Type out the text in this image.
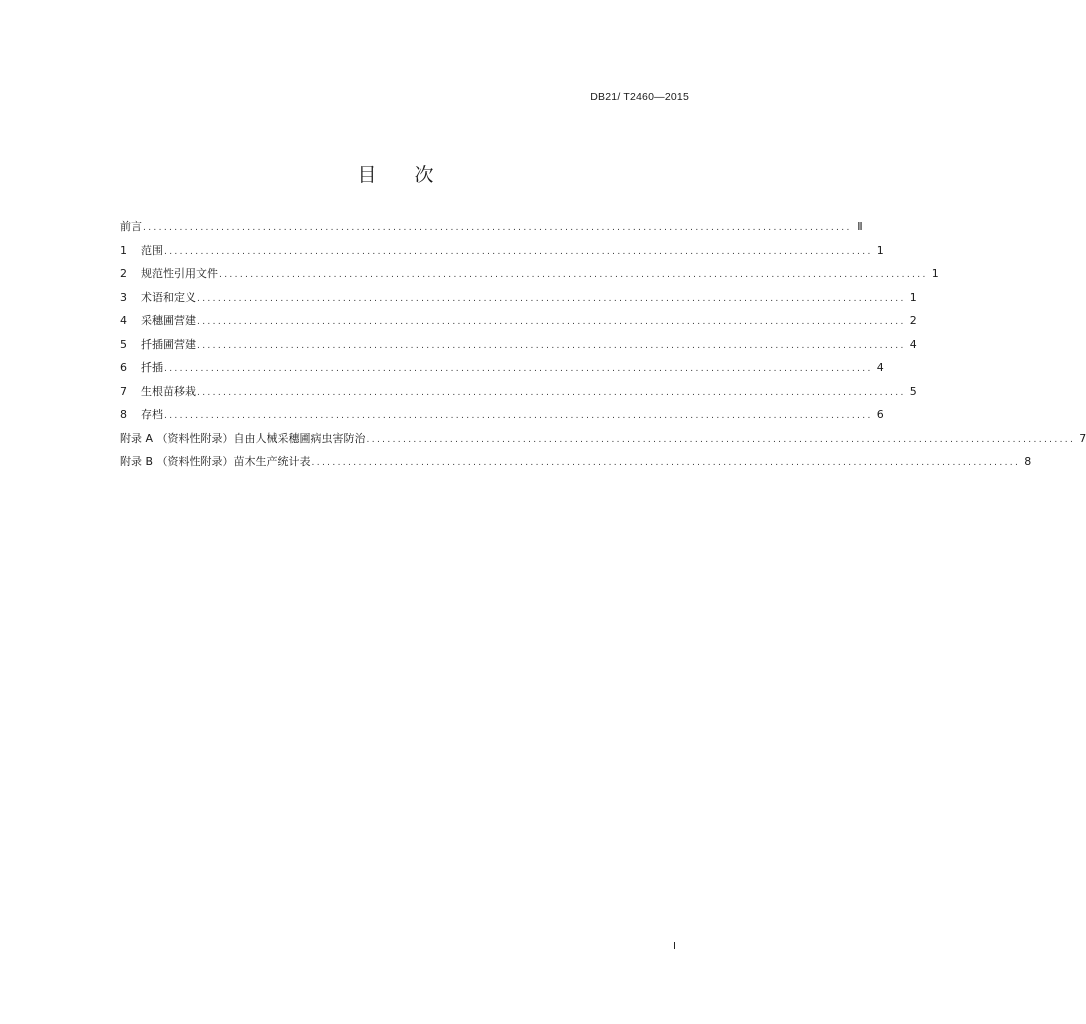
DB21/ T2460—2015
目 次
前言 ........................................................................................................................................ Ⅱ
1	范围 ........................................................................................................................................ 1
2	规范性引用文件 ........................................................................................................................................ 1
3	术语和定义 ........................................................................................................................................ 1
4	采穗圃营建 ........................................................................................................................................ 2
5	扦插圃营建 ........................................................................................................................................ 4
6	扦插 ........................................................................................................................................ 4
7	生根苗移栽 ........................................................................................................................................ 5
8	存档 ........................................................................................................................................ 6
附录 A （资料性附录）自由人械采穗圃病虫害防治 ........................................................................................................................................ 7
附录 B （资料性附录）苗木生产统计表 ........................................................................................................................................ 8
I
